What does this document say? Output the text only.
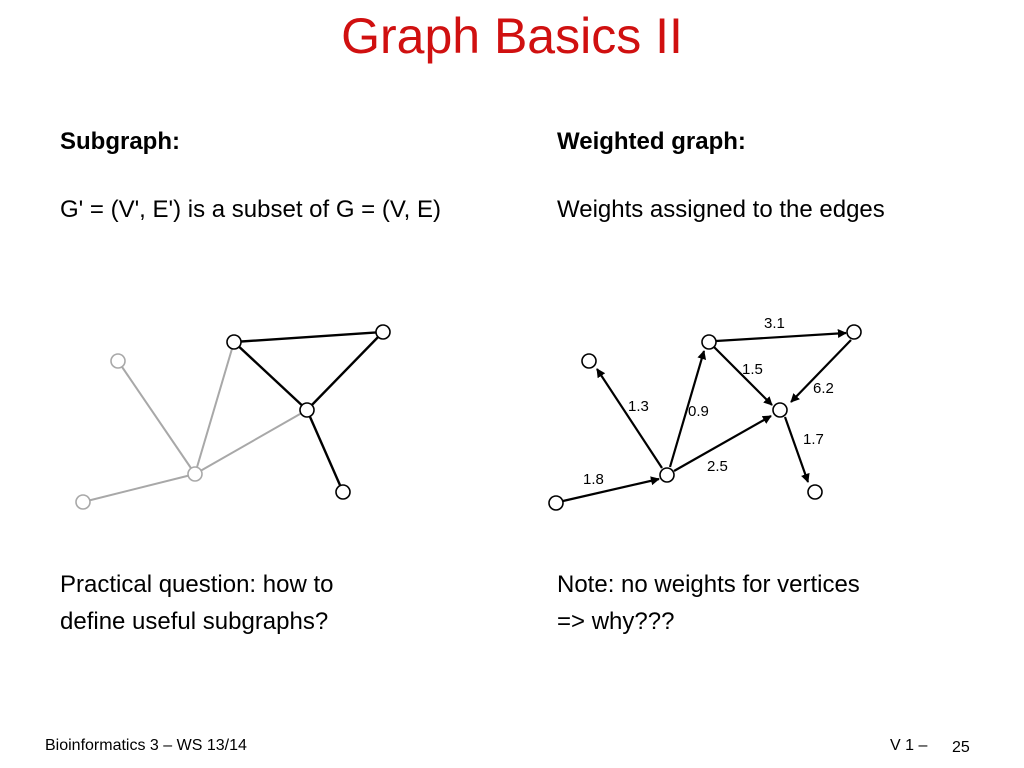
Graph Basics II
Subgraph:	Weighted graph:
G' = (V', E') is a subset of G = (V, E)	Weights assigned to the edges
Practical question: how to
define useful subgraphs?
Note: no weights for vertices
=> why???
3.1
1.5
6.2
1.3	0.9
1.7
2.5
1.8
Bioinformatics 3 – WS 13/14	V 1 – 25
